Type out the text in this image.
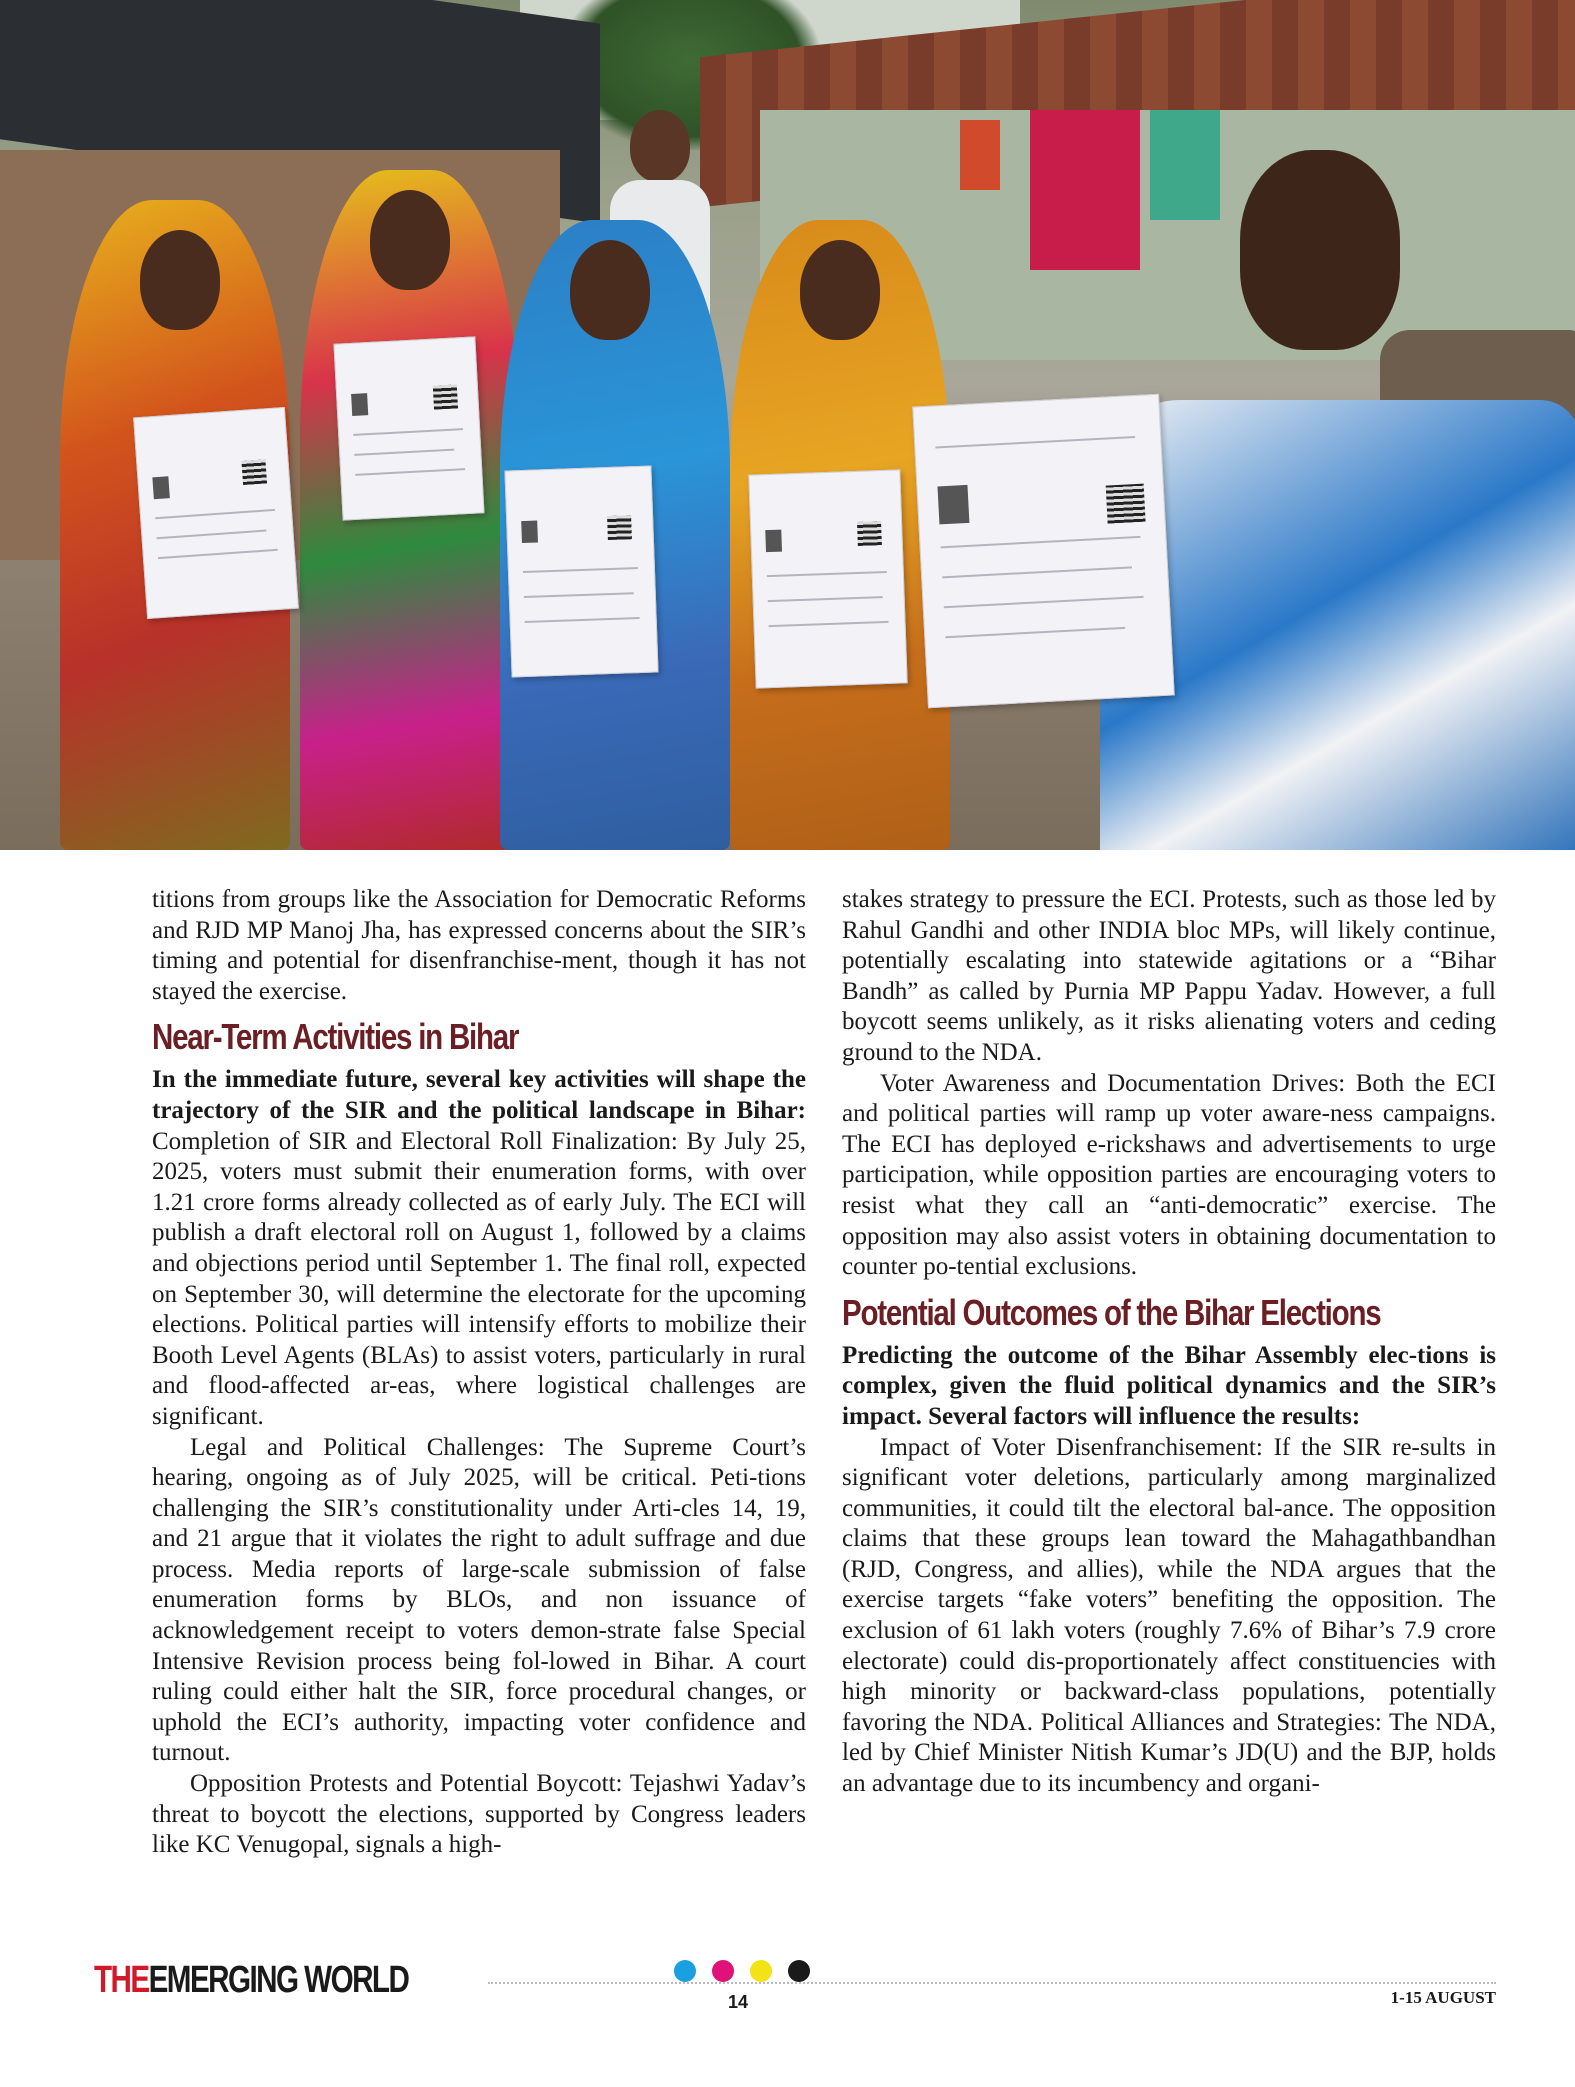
titions from groups like the Association for Democratic Reforms and RJD MP Manoj Jha, has expressed concerns about the SIR’s timing and potential for disenfranchise-ment, though it has not stayed the exercise.

Near-Term Activities in Bihar

In the immediate future, several key activities will shape the trajectory of the SIR and the political landscape in Bihar: Completion of SIR and Electoral Roll Finalization: By July 25, 2025, voters must submit their enumeration forms, with over 1.21 crore forms already collected as of early July. The ECI will publish a draft electoral roll on August 1, followed by a claims and objections period until September 1. The final roll, expected on September 30, will determine the electorate for the upcoming elections. Political parties will intensify efforts to mobilize their Booth Level Agents (BLAs) to assist voters, particularly in rural and flood-affected ar-eas, where logistical challenges are significant.

Legal and Political Challenges: The Supreme Court’s hearing, ongoing as of July 2025, will be critical. Peti-tions challenging the SIR’s constitutionality under Arti-cles 14, 19, and 21 argue that it violates the right to adult suffrage and due process. Media reports of large-scale submission of false enumeration forms by BLOs, and non issuance of acknowledgement receipt to voters demon-strate false Special Intensive Revision process being fol-lowed in Bihar. A court ruling could either halt the SIR, force procedural changes, or uphold the ECI’s authority, impacting voter confidence and turnout.

Opposition Protests and Potential Boycott: Tejashwi Yadav’s threat to boycott the elections, supported by Congress leaders like KC Venugopal, signals a high-

stakes strategy to pressure the ECI. Protests, such as those led by Rahul Gandhi and other INDIA bloc MPs, will likely continue, potentially escalating into statewide agitations or a “Bihar Bandh” as called by Purnia MP Pappu Yadav. However, a full boycott seems unlikely, as it risks alienating voters and ceding ground to the NDA.

Voter Awareness and Documentation Drives: Both the ECI and political parties will ramp up voter aware-ness campaigns. The ECI has deployed e-rickshaws and advertisements to urge participation, while opposition parties are encouraging voters to resist what they call an “anti-democratic” exercise. The opposition may also assist voters in obtaining documentation to counter po-tential exclusions.

Potential Outcomes of the Bihar Elections

Predicting the outcome of the Bihar Assembly elec-tions is complex, given the fluid political dynamics and the SIR’s impact. Several factors will influence the results:

Impact of Voter Disenfranchisement: If the SIR re-sults in significant voter deletions, particularly among marginalized communities, it could tilt the electoral bal-ance. The opposition claims that these groups lean toward the Mahagathbandhan (RJD, Congress, and allies), while the NDA argues that the exercise targets “fake voters” benefiting the opposition. The exclusion of 61 lakh voters (roughly 7.6% of Bihar’s 7.9 crore electorate) could dis-proportionately affect constituencies with high minority or backward-class populations, potentially favoring the NDA. Political Alliances and Strategies: The NDA, led by Chief Minister Nitish Kumar’s JD(U) and the BJP, holds an advantage due to its incumbency and organi-

THEEMERGING WORLD
14	1-15 AUGUST
